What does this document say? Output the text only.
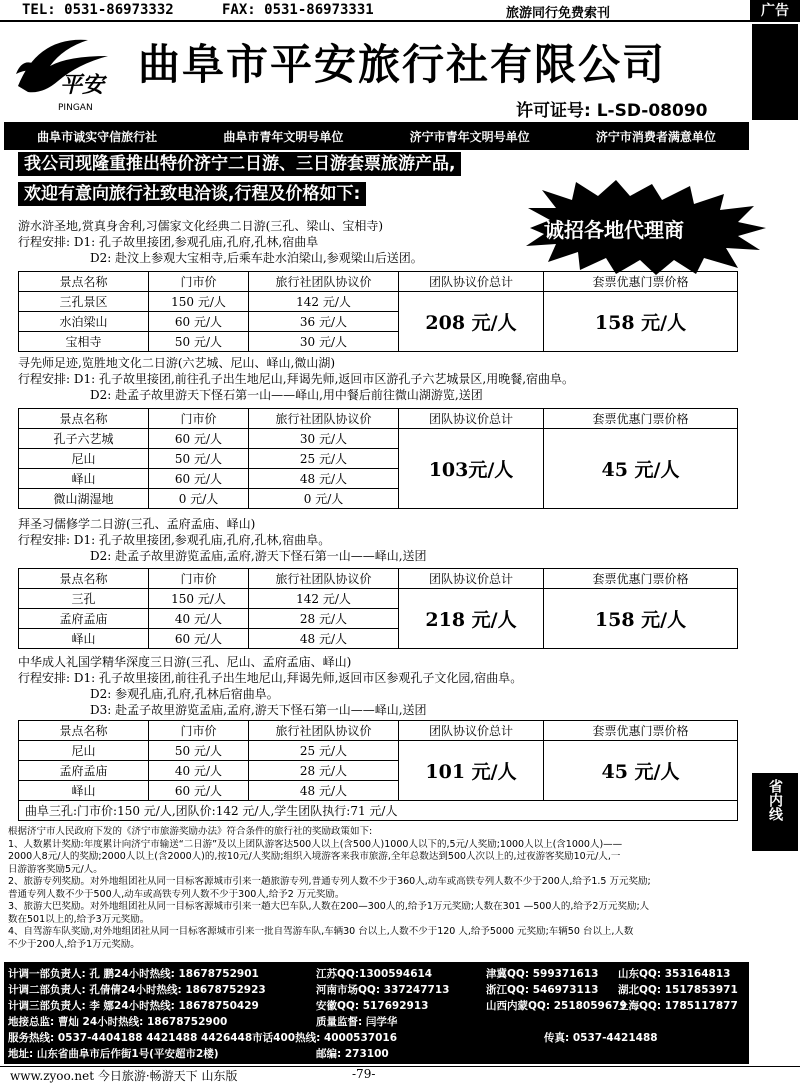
TEL: 0531-86973332	FAX: 0531-86973331	旅游同行免费索刊	广告
平安
PINGAN
曲阜市平安旅行社有限公司
许可证号: L-SD-08090
曲阜市诚实守信旅行社	曲阜市青年文明号单位	济宁市青年文明号单位	济宁市消费者满意单位
我公司现隆重推出特价济宁二日游、三日游套票旅游产品,
欢迎有意向旅行社致电洽谈,行程及价格如下:
诚招各地代理商
游水浒圣地,赏真身舍利,习儒家文化经典二日游(三孔、梁山、宝相寺)
行程安排: D1: 孔子故里接团,参观孔庙,孔府,孔林,宿曲阜
D2: 赴汶上参观大宝相寺,后乘车赴水泊梁山,参观梁山后送团。
景点名称	门市价	旅行社团队协议价	团队协议价总计	套票优惠门票价格
三孔景区	150 元/人	142 元/人	208 元/人	158 元/人
水泊梁山	60 元/人	36 元/人		
宝相寺	50 元/人	30 元/人		
寻先师足迹,览胜地文化二日游(六艺城、尼山、峄山,微山湖)
行程安排: D1: 孔子故里接团,前往孔子出生地尼山,拜谒先师,返回市区游孔子六艺城景区,用晚餐,宿曲阜。
D2: 赴孟子故里游天下怪石第一山——峄山,用中餐后前往微山湖游览,送团
景点名称	门市价	旅行社团队协议价	团队协议价总计	套票优惠门票价格
孔子六艺城	60 元/人	30 元/人	103元/人	45 元/人
尼山	50 元/人	25 元/人		
峄山	60 元/人	48 元/人		
微山湖湿地	0 元/人	0 元/人		
拜圣习儒修学二日游(三孔、孟府孟庙、峄山)
行程安排: D1: 孔子故里接团,参观孔庙,孔府,孔林,宿曲阜。
D2: 赴孟子故里游览孟庙,孟府,游天下怪石第一山——峄山,送团
景点名称	门市价	旅行社团队协议价	团队协议价总计	套票优惠门票价格
三孔	150 元/人	142 元/人	218 元/人	158 元/人
孟府孟庙	40 元/人	28 元/人		
峄山	60 元/人	48 元/人		
中华成人礼国学精华深度三日游(三孔、尼山、孟府孟庙、峄山)
行程安排: D1: 孔子故里接团,前往孔子出生地尼山,拜谒先师,返回市区参观孔子文化园,宿曲阜。
D2: 参观孔庙,孔府,孔林后宿曲阜。
D3: 赴孟子故里游览孟庙,孟府,游天下怪石第一山——峄山,送团
景点名称	门市价	旅行社团队协议价	团队协议价总计	套票优惠门票价格
尼山	50 元/人	25 元/人	101 元/人	45 元/人
孟府孟庙	40 元/人	28 元/人		
峄山	60 元/人	48 元/人		
曲阜三孔:门市价:150 元/人,团队价:142 元/人,学生团队执行:71 元/人					省内线
根据济宁市人民政府下发的《济宁市旅游奖励办法》符合条件的旅行社的奖励政策如下:
1、人数累计奖励:年度累计向济宁市输送“二日游”及以上团队游客达500人以上(含500人)1000人以下的,5元/人奖励;1000人以上(含1000人)——
2000人8元/人的奖励;2000人以上(含2000人)的,按10元/人奖励;组织入境游客来我市旅游,全年总数达到500人次以上的,过夜游客奖励10元/人,一
日游游客奖励5元/人。
2、旅游专列奖励。对外地组团社从同一目标客源城市引来一趟旅游专列,普通专列人数不少于360人,动车或高铁专列人数不少于200人,给予1.5 万元奖励;
普通专列人数不少于500人,动车或高铁专列人数不少于300人,给予2 万元奖励。
3、旅游大巴奖励。对外地组团社从同一目标客源城市引来一趟大巴车队,人数在200—300人的,给予1万元奖励;人数在301 —500人的,给予2万元奖励;人
数在501以上的,给予3万元奖励。
4、自驾游车队奖励,对外地组团社从同一目标客源城市引来一批自驾游车队,车辆30 台以上,人数不少于120 人,给予5000 元奖励;车辆50 台以上,人数
不少于200人,给予1万元奖励。
计调一部负责人: 孔 鹏24小时热线: 18678752901	江苏QQ:1300594614	津冀QQ: 599371613 山东QQ: 353164813
计调二部负责人: 孔倩倩24小时热线: 18678752923	河南市场QQ: 337247713	浙江QQ: 546973113 湖北QQ: 1517853971
计调三部负责人: 李 娜24小时热线: 18678750429	安徽QQ: 517692913	山西内蒙QQ: 2518059679
上海QQ: 1785117877
地接总监: 曹灿 24小时热线: 18678752900	质量监督: 闫学华
服务热线: 0537-4404188 4421488 4426448市话400热线: 4000537016	传真: 0537-4421488
地址: 山东省曲阜市后作街1号(平安超市2楼)	邮编: 273100
www.zyoo.net 今日旅游·畅游天下 山东版	-79-
